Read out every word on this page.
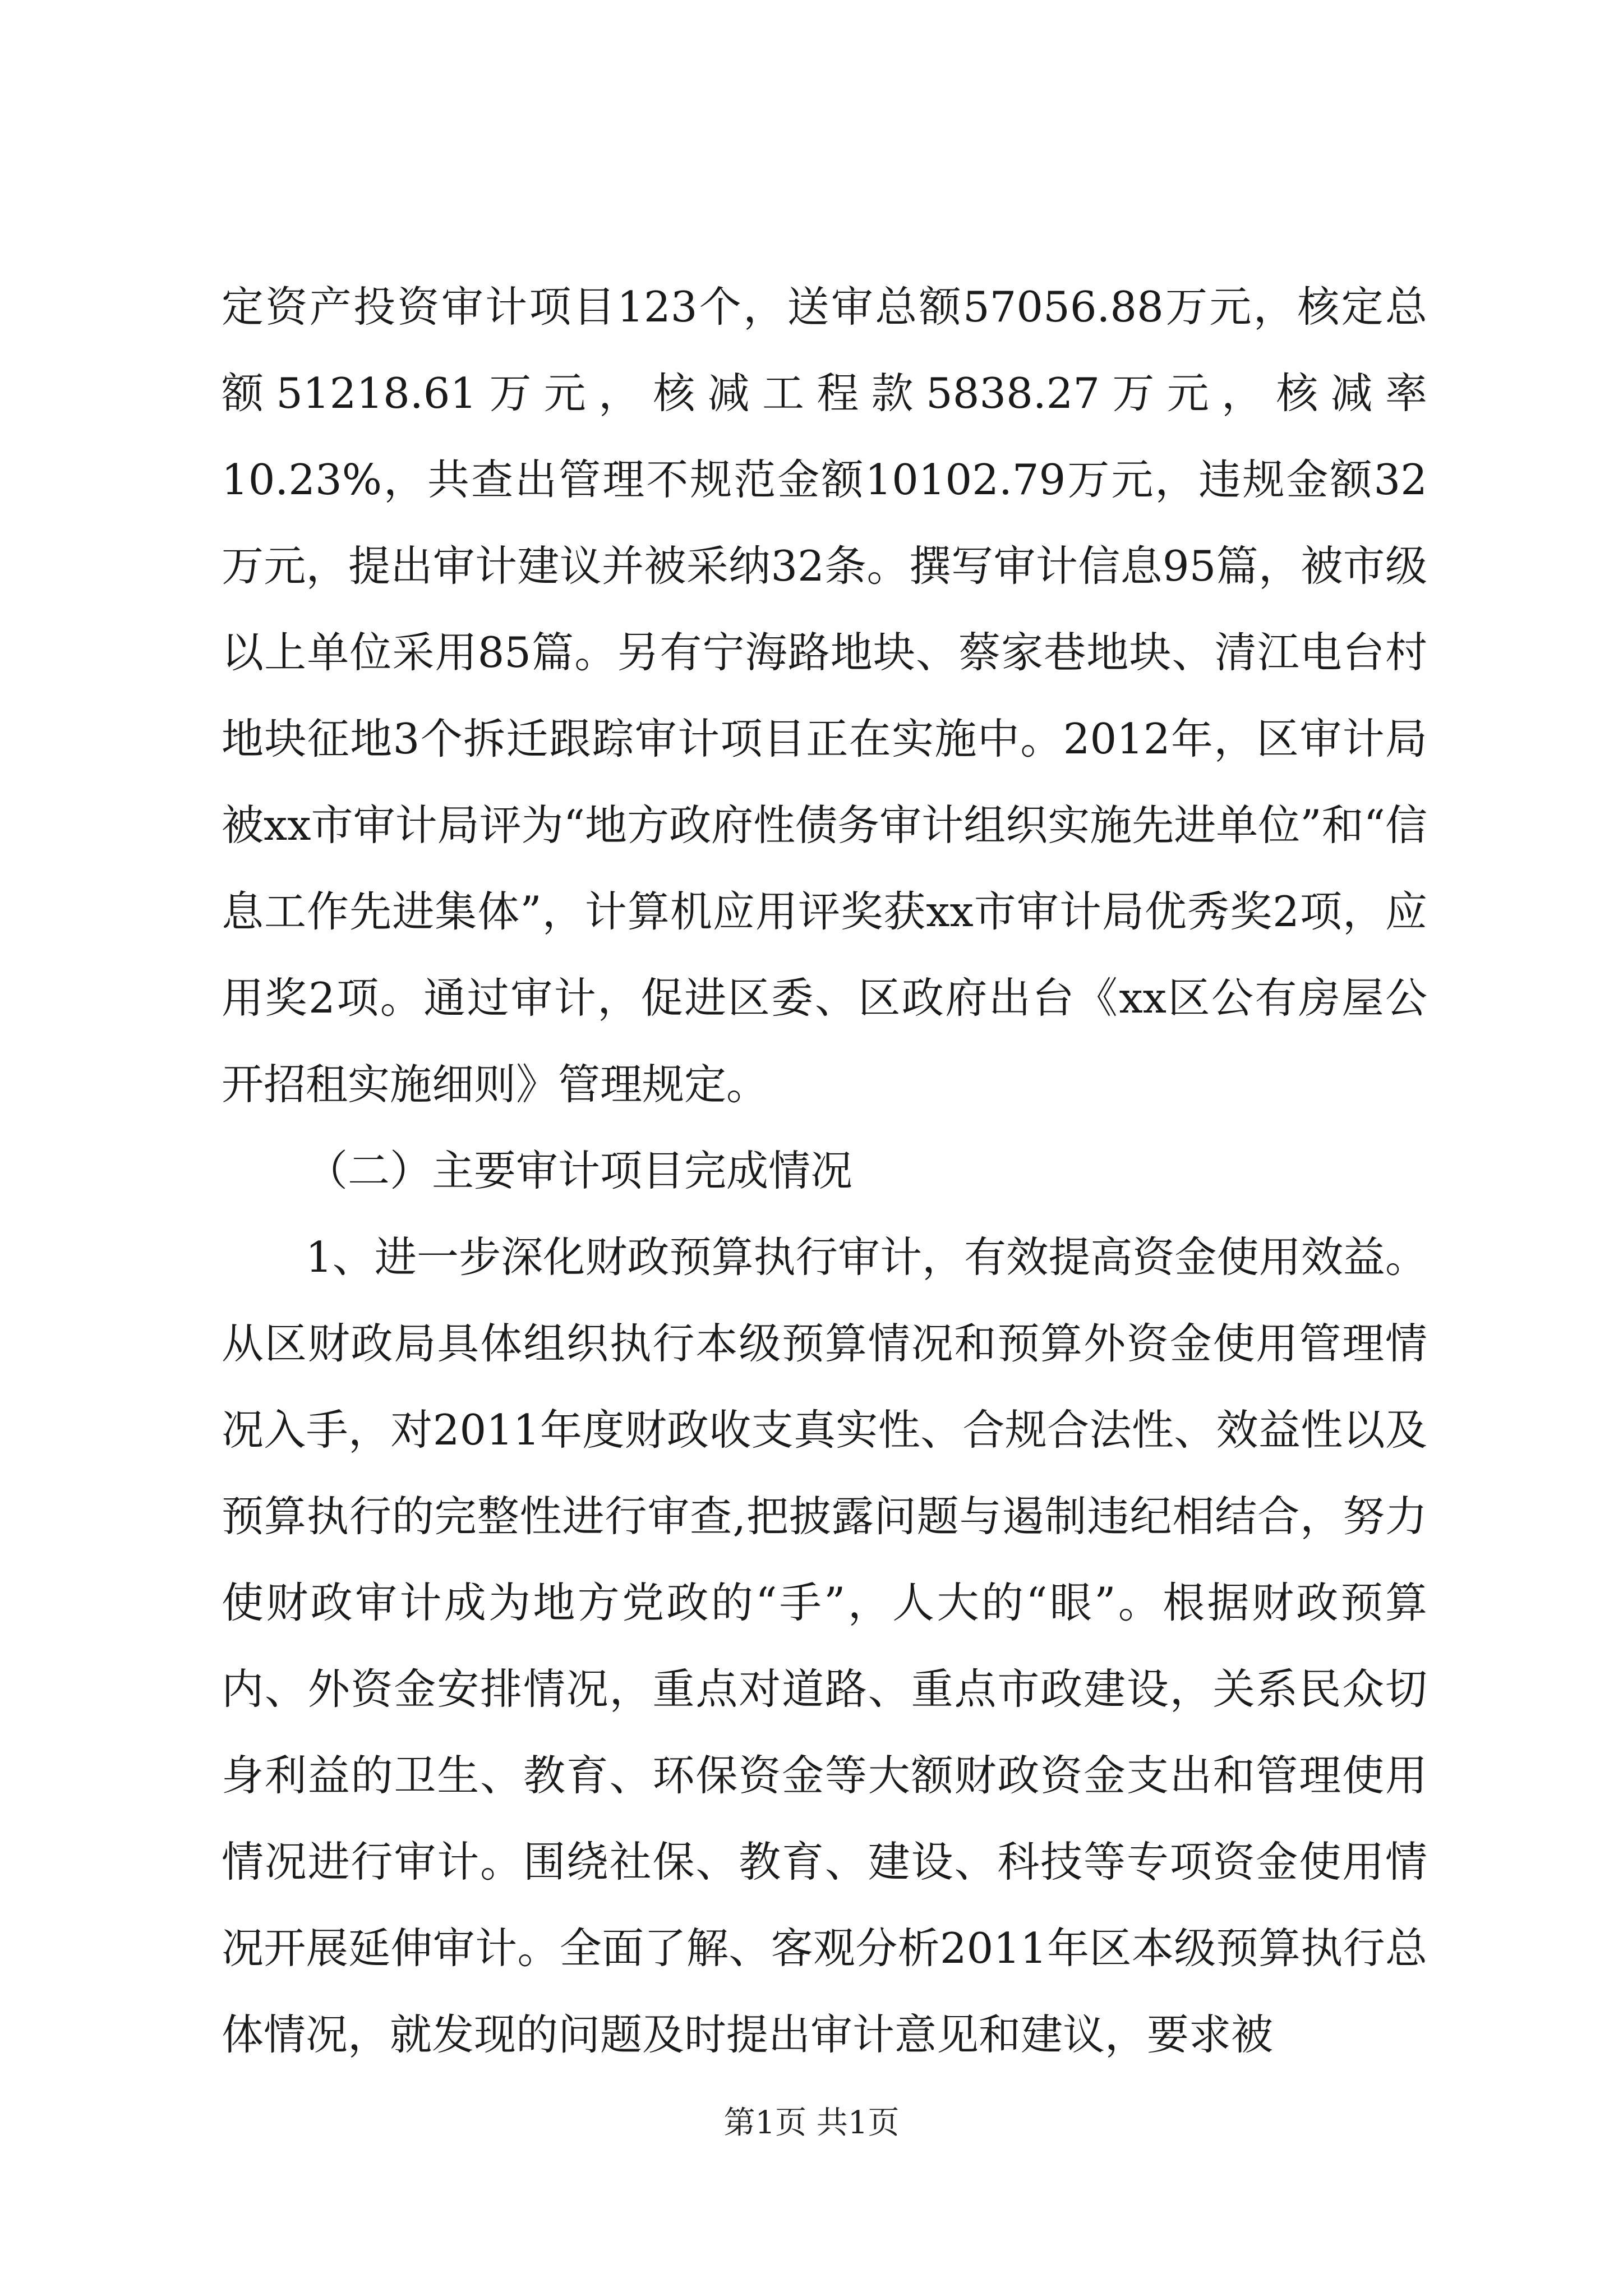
定资产投资审计项目123个，送审总额57056.88万元，核定总额51218.61万元，核减工程款5838.27万元，核减率10.23%，共查出管理不规范金额10102.79万元，违规金额32万元，提出审计建议并被采纳32条。撰写审计信息95篇，被市级以上单位采用85篇。另有宁海路地块、蔡家巷地块、清江电台村地块征地3个拆迁跟踪审计项目正在实施中。2012年，区审计局被xx市审计局评为“地方政府性债务审计组织实施先进单位”和“信息工作先进集体”，计算机应用评奖获xx市审计局优秀奖2项，应用奖2项。通过审计，促进区委、区政府出台《xx区公有房屋公开招租实施细则》管理规定。

（二）主要审计项目完成情况

1、进一步深化财政预算执行审计，有效提高资金使用效益。从区财政局具体组织执行本级预算情况和预算外资金使用管理情况入手，对2011年度财政收支真实性、合规合法性、效益性以及预算执行的完整性进行审查,把披露问题与遏制违纪相结合，努力使财政审计成为地方党政的“手”，人大的“眼”。根据财政预算内、外资金安排情况，重点对道路、重点市政建设，关系民众切身利益的卫生、教育、环保资金等大额财政资金支出和管理使用情况进行审计。围绕社保、教育、建设、科技等专项资金使用情况开展延伸审计。全面了解、客观分析2011年区本级预算执行总体情况，就发现的问题及时提出审计意见和建议，要求被

第1页 共1页
